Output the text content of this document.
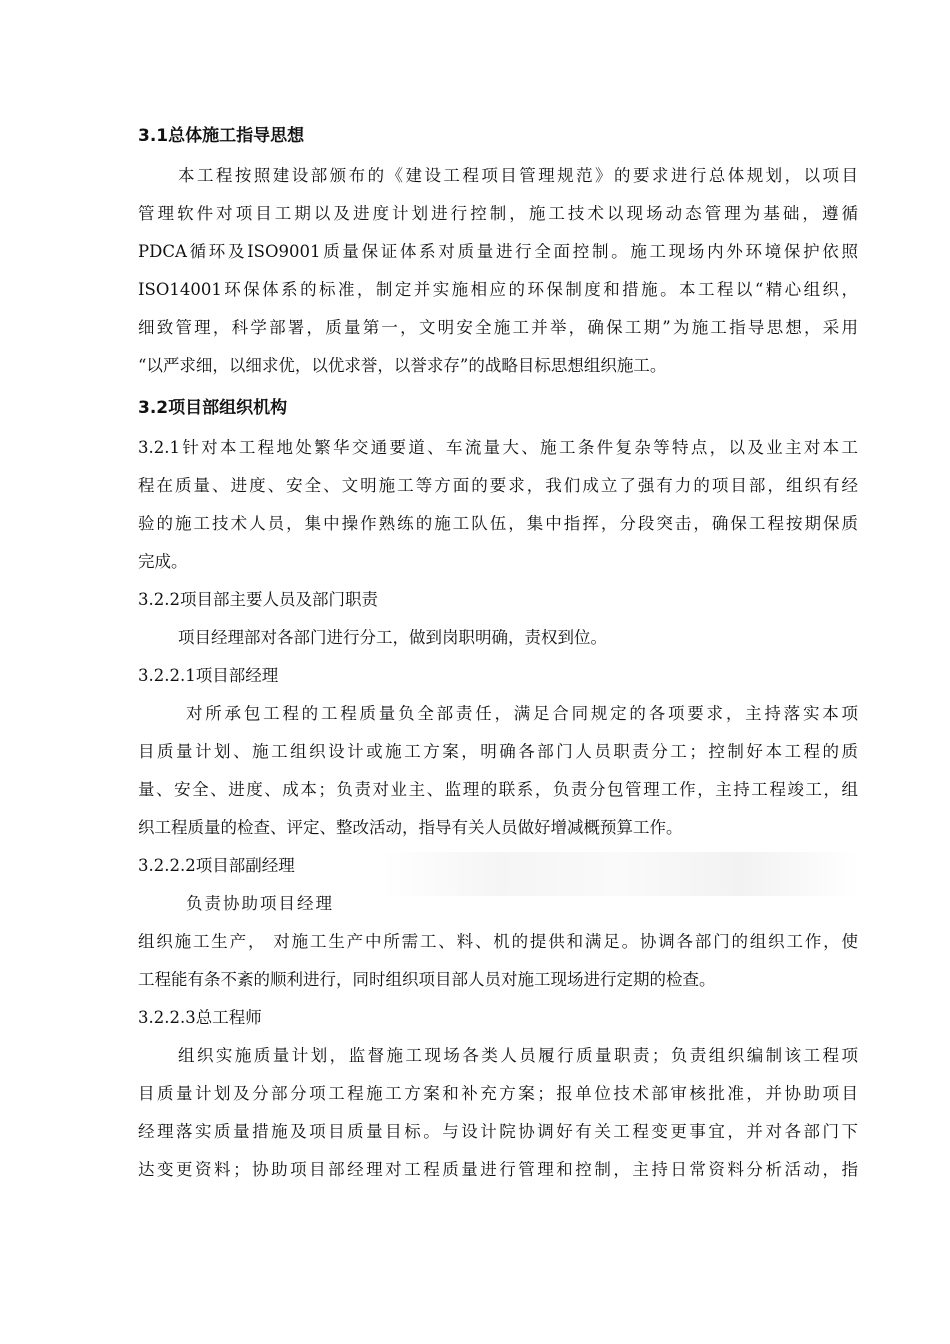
3.1总体施工指导思想
本工程按照建设部颁布的《建设工程项目管理规范》的要求进行总体规划，以项目
管理软件对项目工期以及进度计划进行控制，施工技术以现场动态管理为基础，遵循
PDCA循环及ISO9001质量保证体系对质量进行全面控制。施工现场内外环境保护依照
ISO14001环保体系的标准，制定并实施相应的环保制度和措施。本工程以“精心组织，
细致管理，科学部署，质量第一，文明安全施工并举，确保工期”为施工指导思想，采用
“以严求细，以细求优，以优求誉，以誉求存”的战略目标思想组织施工。
3.2项目部组织机构
3.2.1针对本工程地处繁华交通要道、车流量大、施工条件复杂等特点，以及业主对本工
程在质量、进度、安全、文明施工等方面的要求，我们成立了强有力的项目部，组织有经
验的施工技术人员，集中操作熟练的施工队伍，集中指挥，分段突击，确保工程按期保质
完成。
3.2.2项目部主要人员及部门职责
项目经理部对各部门进行分工，做到岗职明确，责权到位。
3.2.2.1项目部经理
对所承包工程的工程质量负全部责任，满足合同规定的各项要求，主持落实本项
目质量计划、施工组织设计或施工方案，明确各部门人员职责分工；控制好本工程的质
量、安全、进度、成本；负责对业主、监理的联系，负责分包管理工作，主持工程竣工，组
织工程质量的检查、评定、整改活动，指导有关人员做好增减概预算工作。
3.2.2.2项目部副经理
负责协助项目经理
组织施工生产， 对施工生产中所需工、料、机的提供和满足。协调各部门的组织工作，使
工程能有条不紊的顺利进行，同时组织项目部人员对施工现场进行定期的检查。
3.2.2.3总工程师
组织实施质量计划，监督施工现场各类人员履行质量职责；负责组织编制该工程项
目质量计划及分部分项工程施工方案和补充方案；报单位技术部审核批准，并协助项目
经理落实质量措施及项目质量目标。与设计院协调好有关工程变更事宜，并对各部门下
达变更资料；协助项目部经理对工程质量进行管理和控制，主持日常资料分析活动，指
